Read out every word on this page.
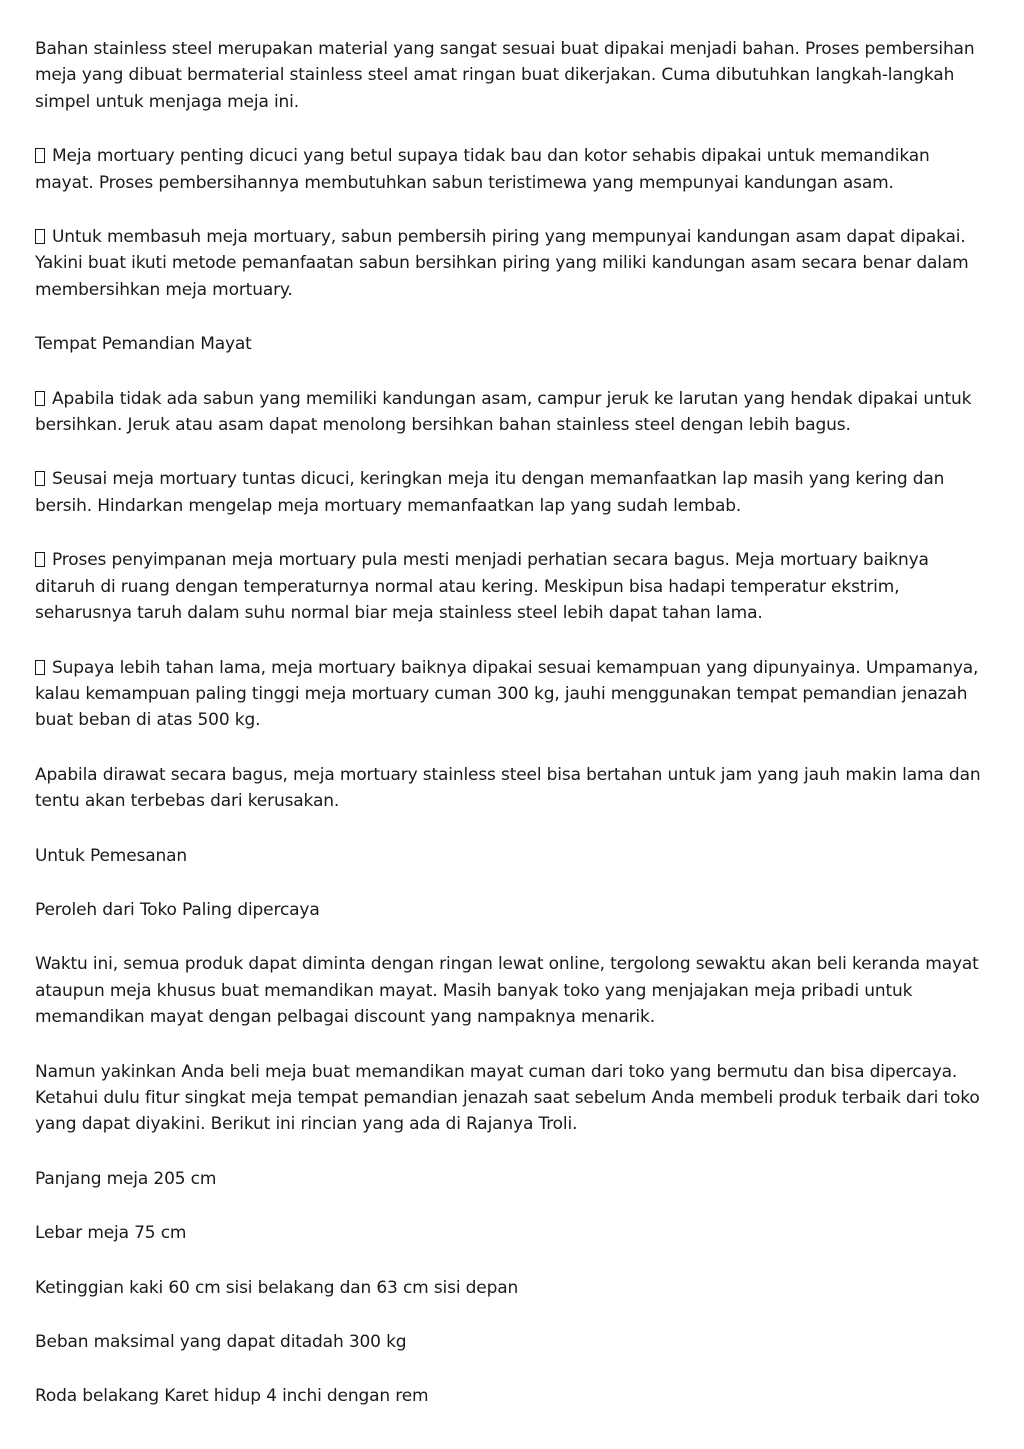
Bahan stainless steel merupakan material yang sangat sesuai buat dipakai menjadi bahan. Proses pembersihan meja yang dibuat bermaterial stainless steel amat ringan buat dikerjakan. Cuma dibutuhkan langkah-langkah simpel untuk menjaga meja ini.

Meja mortuary penting dicuci yang betul supaya tidak bau dan kotor sehabis dipakai untuk memandikan mayat. Proses pembersihannya membutuhkan sabun teristimewa yang mempunyai kandungan asam.

Untuk membasuh meja mortuary, sabun pembersih piring yang mempunyai kandungan asam dapat dipakai. Yakini buat ikuti metode pemanfaatan sabun bersihkan piring yang miliki kandungan asam secara benar dalam membersihkan meja mortuary.

Tempat Pemandian Mayat

Apabila tidak ada sabun yang memiliki kandungan asam, campur jeruk ke larutan yang hendak dipakai untuk bersihkan. Jeruk atau asam dapat menolong bersihkan bahan stainless steel dengan lebih bagus.

Seusai meja mortuary tuntas dicuci, keringkan meja itu dengan memanfaatkan lap masih yang kering dan bersih. Hindarkan mengelap meja mortuary memanfaatkan lap yang sudah lembab.

Proses penyimpanan meja mortuary pula mesti menjadi perhatian secara bagus. Meja mortuary baiknya ditaruh di ruang dengan temperaturnya normal atau kering. Meskipun bisa hadapi temperatur ekstrim, seharusnya taruh dalam suhu normal biar meja stainless steel lebih dapat tahan lama.

Supaya lebih tahan lama, meja mortuary baiknya dipakai sesuai kemampuan yang dipunyainya. Umpamanya, kalau kemampuan paling tinggi meja mortuary cuman 300 kg, jauhi menggunakan tempat pemandian jenazah buat beban di atas 500 kg.

Apabila dirawat secara bagus, meja mortuary stainless steel bisa bertahan untuk jam yang jauh makin lama dan tentu akan terbebas dari kerusakan.

Untuk Pemesanan

Peroleh dari Toko Paling dipercaya

Waktu ini, semua produk dapat diminta dengan ringan lewat online, tergolong sewaktu akan beli keranda mayat ataupun meja khusus buat memandikan mayat. Masih banyak toko yang menjajakan meja pribadi untuk memandikan mayat dengan pelbagai discount yang nampaknya menarik.

Namun yakinkan Anda beli meja buat memandikan mayat cuman dari toko yang bermutu dan bisa dipercaya. Ketahui dulu fitur singkat meja tempat pemandian jenazah saat sebelum Anda membeli produk terbaik dari toko yang dapat diyakini. Berikut ini rincian yang ada di Rajanya Troli.

Panjang meja 205 cm

Lebar meja 75 cm

Ketinggian kaki 60 cm sisi belakang dan 63 cm sisi depan

Beban maksimal yang dapat ditadah 300 kg

Roda belakang Karet hidup 4 inchi dengan rem
